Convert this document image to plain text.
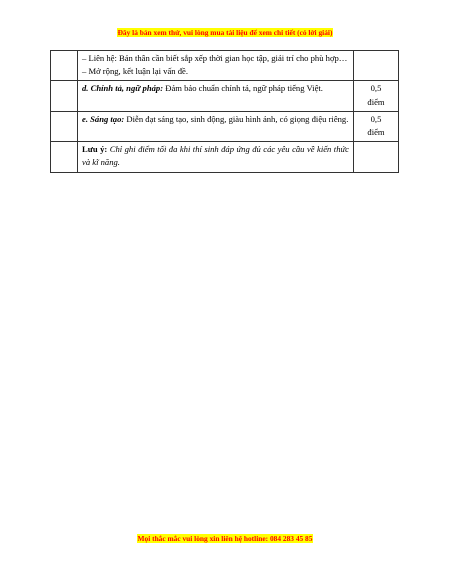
Đây là bản xem thử, vui lòng mua tài liệu để xem chi tiết (có lời giải)

	– Liên hệ: Bản thân cần biết sắp xếp thời gian học tập, giải trí cho phù hợp…
– Mở rộng, kết luận lại vấn đề.	

	d. Chính tả, ngữ pháp: Đảm bảo chuẩn chính tả, ngữ pháp tiếng Việt.	0,5
điểm

	e. Sáng tạo: Diễn đạt sáng tạo, sinh động, giàu hình ảnh, có giọng điệu riêng.	0,5
điểm

	Lưu ý: Chỉ ghi điểm tối đa khi thí sinh đáp ứng đủ các yêu cầu về kiến thức và kĩ năng.	
Mọi thắc mắc vui lòng xin liên hệ hotline: 084 283 45 85
